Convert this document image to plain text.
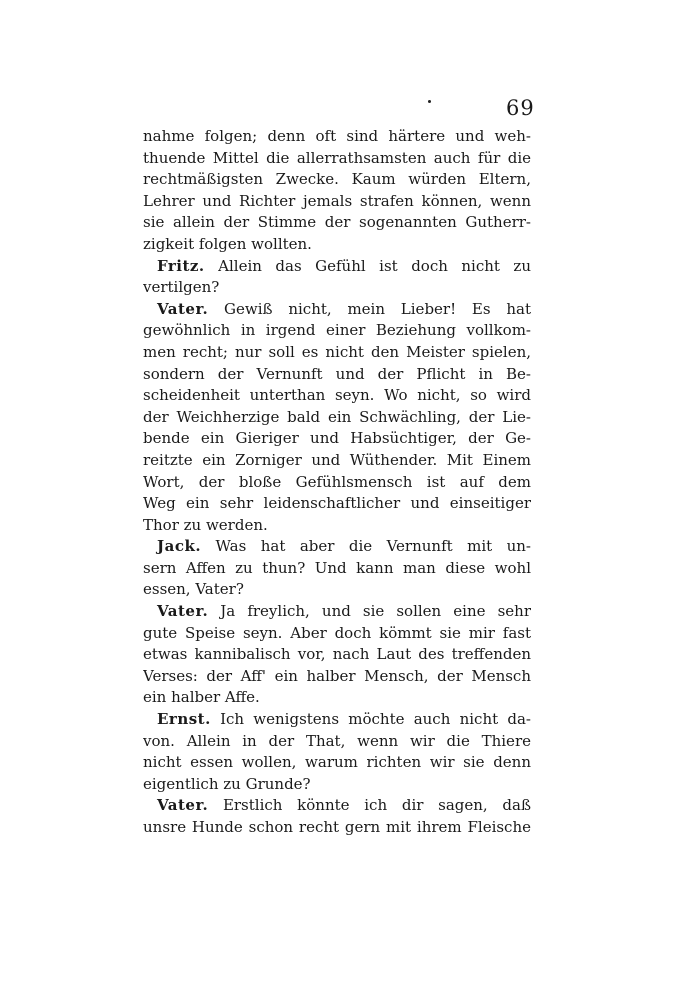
69

nahme folgen; denn oft sind härtere und weh-
thuende Mittel die allerrathsamsten auch für die
rechtmäßigsten Zwecke. Kaum würden Eltern,
Lehrer und Richter jemals strafen können, wenn
sie allein der Stimme der sogenannten Gutherr-
zigkeit folgen wollten.

Fritz. Allein das Gefühl ist doch nicht zu
vertilgen?

Vater. Gewiß nicht, mein Lieber! Es hat
gewöhnlich in irgend einer Beziehung vollkom-
men recht; nur soll es nicht den Meister spielen,
sondern der Vernunft und der Pflicht in Be-
scheidenheit unterthan seyn. Wo nicht, so wird
der Weichherzige bald ein Schwächling, der Lie-
bende ein Gieriger und Habsüchtiger, der Ge-
reitzte ein Zorniger und Wüthender. Mit Einem
Wort, der bloße Gefühlsmensch ist auf dem
Weg ein sehr leidenschaftlicher und einseitiger
Thor zu werden.

Jack. Was hat aber die Vernunft mit un-
sern Affen zu thun? Und kann man diese wohl
essen, Vater?

Vater. Ja freylich, und sie sollen eine sehr
gute Speise seyn. Aber doch kömmt sie mir fast
etwas kannibalisch vor, nach Laut des treffenden
Verses: der Aff' ein halber Mensch, der Mensch
ein halber Affe.

Ernst. Ich wenigstens möchte auch nicht da-
von. Allein in der That, wenn wir die Thiere
nicht essen wollen, warum richten wir sie denn
eigentlich zu Grunde?

Vater. Erstlich könnte ich dir sagen, daß
unsre Hunde schon recht gern mit ihrem Fleische
